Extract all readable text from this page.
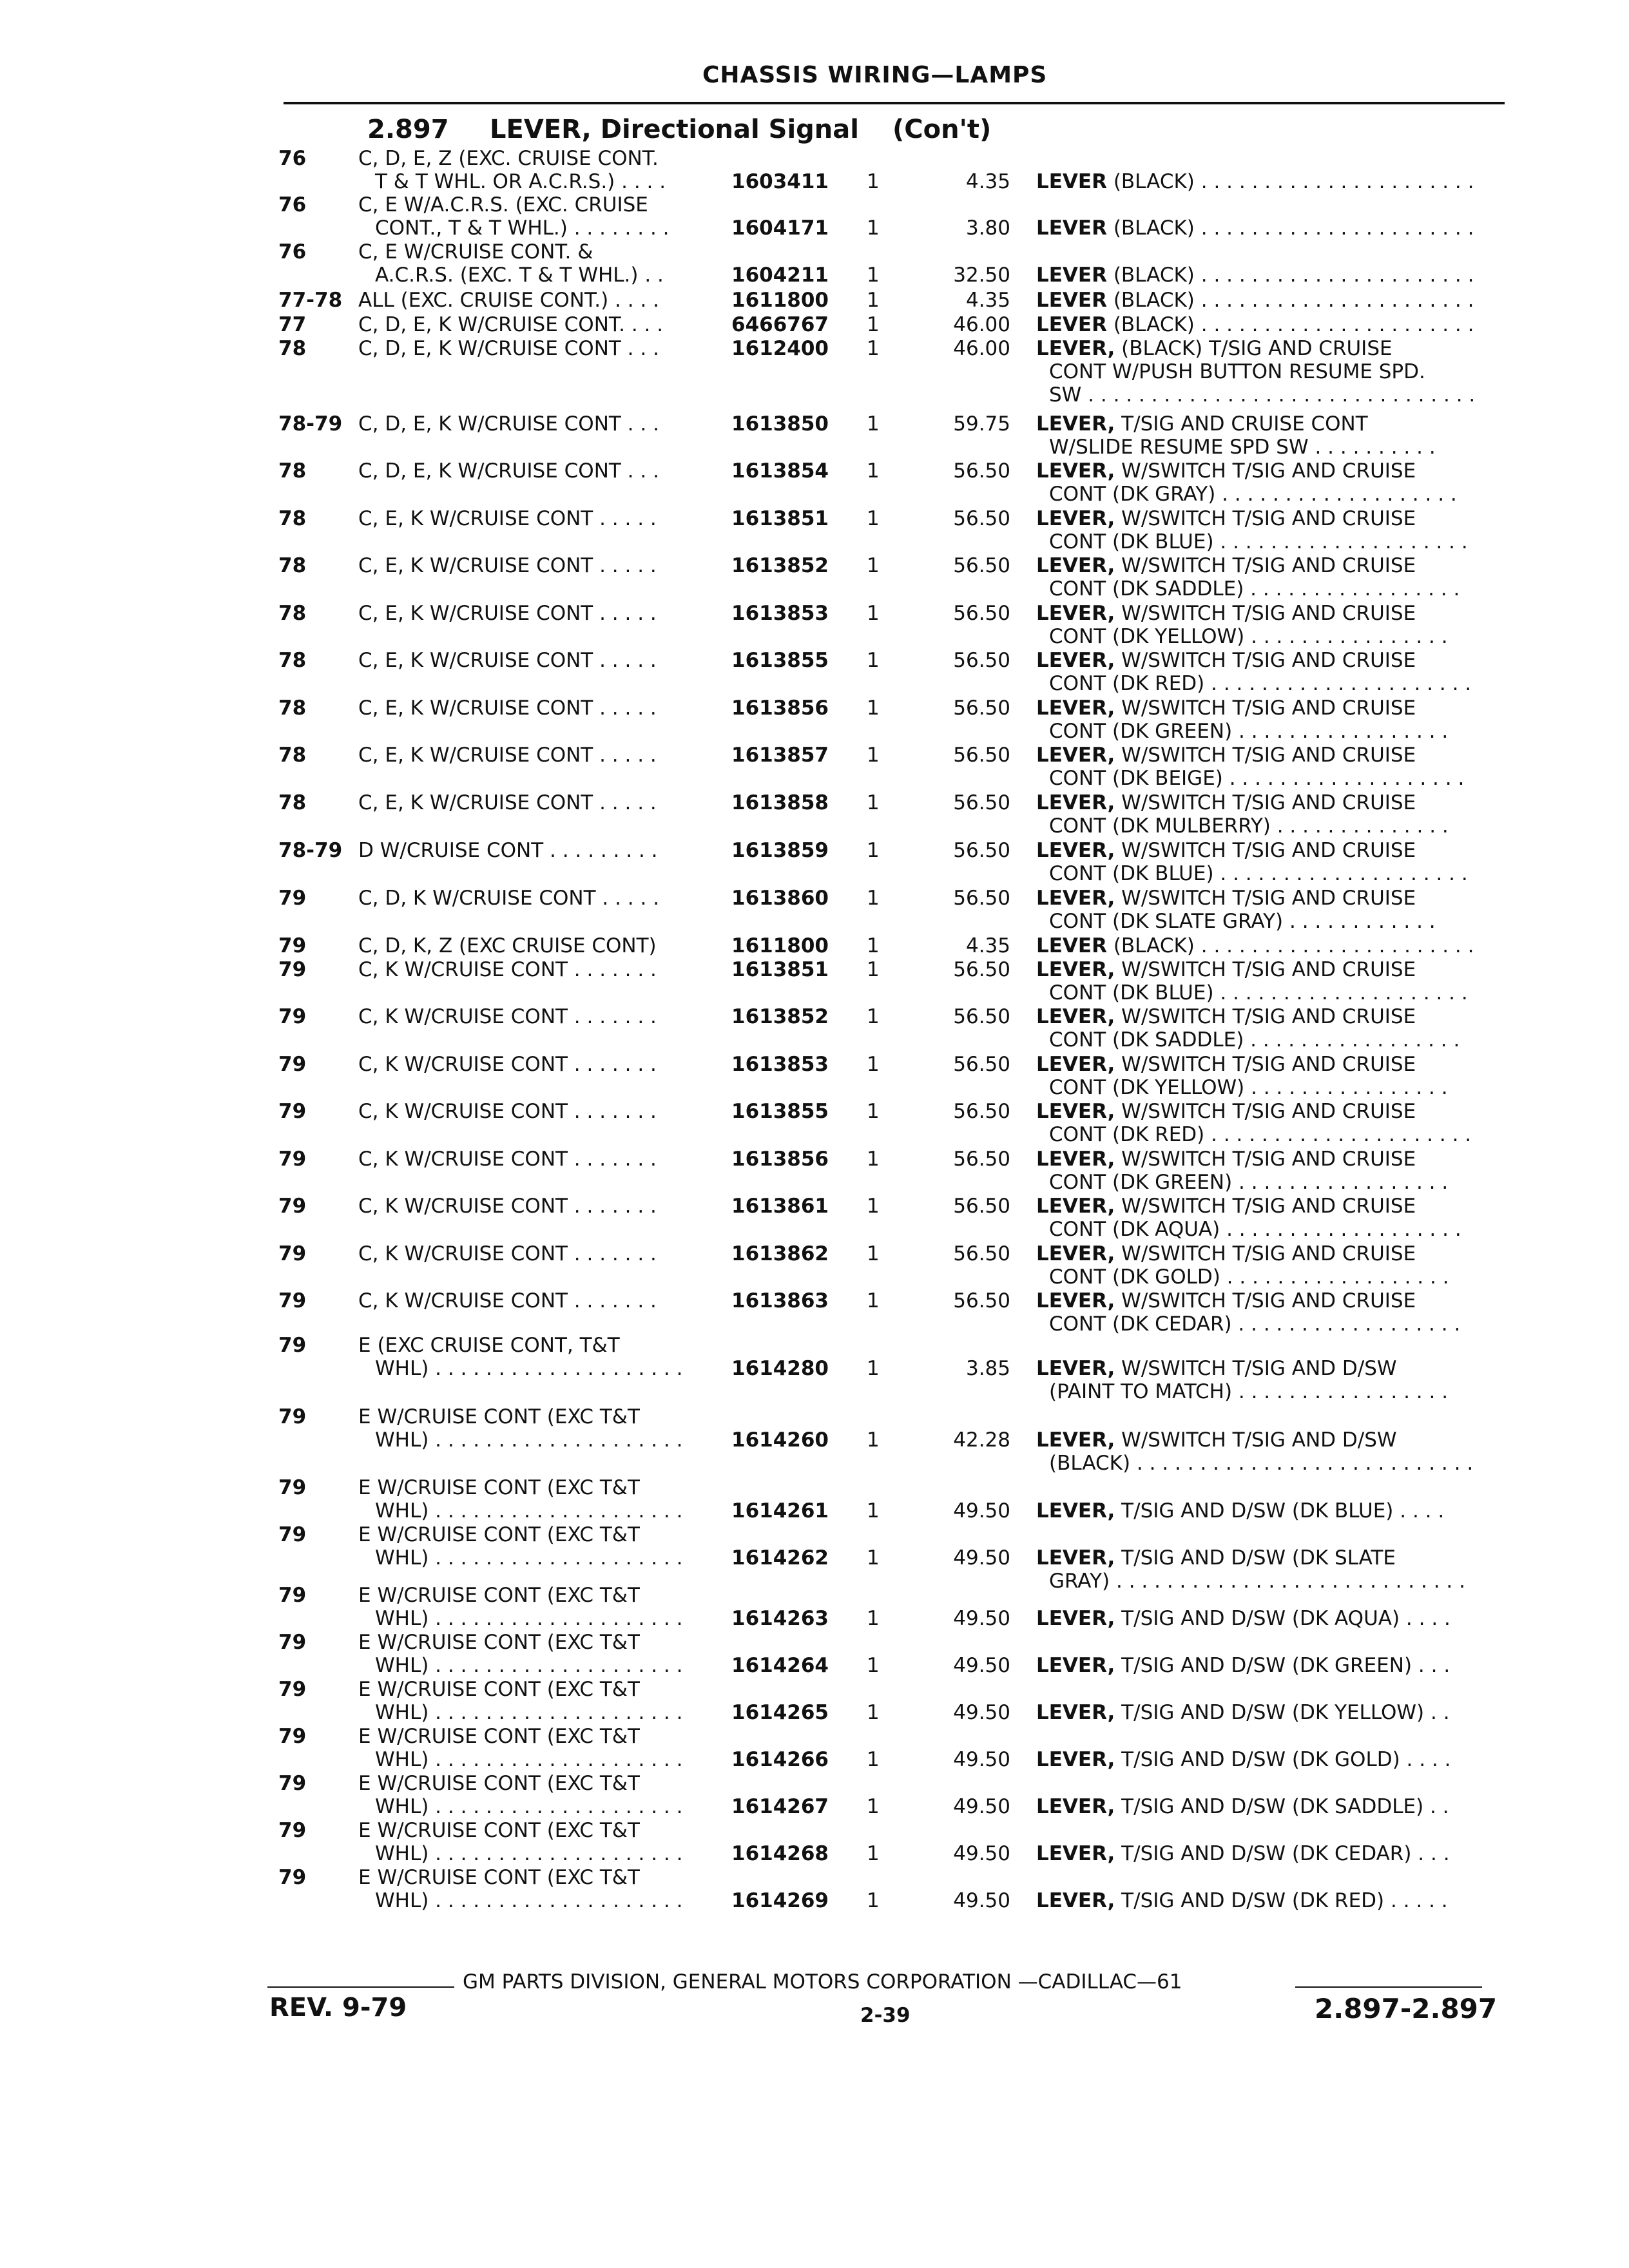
CHASSIS WIRING—LAMPS
2.897 LEVER, Directional Signal (Con't)
76	C, D, E, Z (EXC. CRUISE CONT.
T & T WHL. OR A.C.R.S.) . . . .	1603411 1	4.35 LEVER (BLACK) . . . . . . . . . . . . . . . . . . . . . .
76	C, E W/A.C.R.S. (EXC. CRUISE
CONT., T & T WHL.) . . . . . . . .	1604171 1	3.80 LEVER (BLACK) . . . . . . . . . . . . . . . . . . . . . .
76	C, E W/CRUISE CONT. &
A.C.R.S. (EXC. T & T WHL.) . .	1604211 1	32.50 LEVER (BLACK) . . . . . . . . . . . . . . . . . . . . . .
77-78 ALL (EXC. CRUISE CONT.) . . . .	1611800 1	4.35 LEVER (BLACK) . . . . . . . . . . . . . . . . . . . . . .
77	C, D, E, K W/CRUISE CONT. . . .	6466767 1	46.00 LEVER (BLACK) . . . . . . . . . . . . . . . . . . . . . .
78	C, D, E, K W/CRUISE CONT . . .	1612400 1	46.00 LEVER, (BLACK) T/SIG AND CRUISE
CONT W/PUSH BUTTON RESUME SPD.
SW . . . . . . . . . . . . . . . . . . . . . . . . . . . . . . .
78-79 C, D, E, K W/CRUISE CONT . . .	1613850 1	59.75 LEVER, T/SIG AND CRUISE CONT
W/SLIDE RESUME SPD SW . . . . . . . . . .
78	C, D, E, K W/CRUISE CONT . . .	1613854 1	56.50 LEVER, W/SWITCH T/SIG AND CRUISE
CONT (DK GRAY) . . . . . . . . . . . . . . . . . . .
78	C, E, K W/CRUISE CONT . . . . .	1613851 1	56.50 LEVER, W/SWITCH T/SIG AND CRUISE
CONT (DK BLUE) . . . . . . . . . . . . . . . . . . . .
78	C, E, K W/CRUISE CONT . . . . .	1613852 1	56.50 LEVER, W/SWITCH T/SIG AND CRUISE
CONT (DK SADDLE) . . . . . . . . . . . . . . . . .
78	C, E, K W/CRUISE CONT . . . . .	1613853 1	56.50 LEVER, W/SWITCH T/SIG AND CRUISE
CONT (DK YELLOW) . . . . . . . . . . . . . . . .
78	C, E, K W/CRUISE CONT . . . . .	1613855 1	56.50 LEVER, W/SWITCH T/SIG AND CRUISE
CONT (DK RED) . . . . . . . . . . . . . . . . . . . . .
78	C, E, K W/CRUISE CONT . . . . .	1613856 1	56.50 LEVER, W/SWITCH T/SIG AND CRUISE
CONT (DK GREEN) . . . . . . . . . . . . . . . . .
78	C, E, K W/CRUISE CONT . . . . .	1613857 1	56.50 LEVER, W/SWITCH T/SIG AND CRUISE
CONT (DK BEIGE) . . . . . . . . . . . . . . . . . . .
78	C, E, K W/CRUISE CONT . . . . .	1613858 1	56.50 LEVER, W/SWITCH T/SIG AND CRUISE
CONT (DK MULBERRY) . . . . . . . . . . . . . .
78-79 D W/CRUISE CONT . . . . . . . . .	1613859 1	56.50 LEVER, W/SWITCH T/SIG AND CRUISE
CONT (DK BLUE) . . . . . . . . . . . . . . . . . . . .
79	C, D, K W/CRUISE CONT . . . . .	1613860 1	56.50 LEVER, W/SWITCH T/SIG AND CRUISE
CONT (DK SLATE GRAY) . . . . . . . . . . . .
79	C, D, K, Z (EXC CRUISE CONT)	1611800 1	4.35 LEVER (BLACK) . . . . . . . . . . . . . . . . . . . . . .
79	C, K W/CRUISE CONT . . . . . . .	1613851 1	56.50 LEVER, W/SWITCH T/SIG AND CRUISE
CONT (DK BLUE) . . . . . . . . . . . . . . . . . . . .
79	C, K W/CRUISE CONT . . . . . . .	1613852 1	56.50 LEVER, W/SWITCH T/SIG AND CRUISE
CONT (DK SADDLE) . . . . . . . . . . . . . . . . .
79	C, K W/CRUISE CONT . . . . . . .	1613853 1	56.50 LEVER, W/SWITCH T/SIG AND CRUISE
CONT (DK YELLOW) . . . . . . . . . . . . . . . .
79	C, K W/CRUISE CONT . . . . . . .	1613855 1	56.50 LEVER, W/SWITCH T/SIG AND CRUISE
CONT (DK RED) . . . . . . . . . . . . . . . . . . . . .
79	C, K W/CRUISE CONT . . . . . . .	1613856 1	56.50 LEVER, W/SWITCH T/SIG AND CRUISE
CONT (DK GREEN) . . . . . . . . . . . . . . . . .
79	C, K W/CRUISE CONT . . . . . . .	1613861 1	56.50 LEVER, W/SWITCH T/SIG AND CRUISE
CONT (DK AQUA) . . . . . . . . . . . . . . . . . . .
79	C, K W/CRUISE CONT . . . . . . .	1613862 1	56.50 LEVER, W/SWITCH T/SIG AND CRUISE
CONT (DK GOLD) . . . . . . . . . . . . . . . . . .
79	C, K W/CRUISE CONT . . . . . . .	1613863 1	56.50 LEVER, W/SWITCH T/SIG AND CRUISE
CONT (DK CEDAR) . . . . . . . . . . . . . . . . . .
79	E (EXC CRUISE CONT, T&T
WHL) . . . . . . . . . . . . . . . . . . . . 1614280 1	3.85 LEVER, W/SWITCH T/SIG AND D/SW
(PAINT TO MATCH) . . . . . . . . . . . . . . . . .
79	E W/CRUISE CONT (EXC T&T
WHL) . . . . . . . . . . . . . . . . . . . . 1614260 1	42.28 LEVER, W/SWITCH T/SIG AND D/SW
(BLACK) . . . . . . . . . . . . . . . . . . . . . . . . . . .
79	E W/CRUISE CONT (EXC T&T
WHL) . . . . . . . . . . . . . . . . . . . . 1614261 1	49.50 LEVER, T/SIG AND D/SW (DK BLUE) . . . .
79	E W/CRUISE CONT (EXC T&T
WHL) . . . . . . . . . . . . . . . . . . . . 1614262 1	49.50 LEVER, T/SIG AND D/SW (DK SLATE
GRAY) . . . . . . . . . . . . . . . . . . . . . . . . . . . .
79	E W/CRUISE CONT (EXC T&T
WHL) . . . . . . . . . . . . . . . . . . . . 1614263 1	49.50 LEVER, T/SIG AND D/SW (DK AQUA) . . . .
79	E W/CRUISE CONT (EXC T&T
WHL) . . . . . . . . . . . . . . . . . . . . 1614264 1	49.50 LEVER, T/SIG AND D/SW (DK GREEN) . . .
79	E W/CRUISE CONT (EXC T&T
WHL) . . . . . . . . . . . . . . . . . . . . 1614265 1	49.50 LEVER, T/SIG AND D/SW (DK YELLOW) . .
79	E W/CRUISE CONT (EXC T&T
WHL) . . . . . . . . . . . . . . . . . . . . 1614266 1	49.50 LEVER, T/SIG AND D/SW (DK GOLD) . . . .
79	E W/CRUISE CONT (EXC T&T
WHL) . . . . . . . . . . . . . . . . . . . . 1614267 1	49.50 LEVER, T/SIG AND D/SW (DK SADDLE) . .
79	E W/CRUISE CONT (EXC T&T
WHL) . . . . . . . . . . . . . . . . . . . . 1614268 1	49.50 LEVER, T/SIG AND D/SW (DK CEDAR) . . .
79	E W/CRUISE CONT (EXC T&T
WHL) . . . . . . . . . . . . . . . . . . . . 1614269 1	49.50 LEVER, T/SIG AND D/SW (DK RED) . . . . .
GM PARTS DIVISION, GENERAL MOTORS CORPORATION —CADILLAC—61
REV. 9-79	2-39	2.897-2.897
